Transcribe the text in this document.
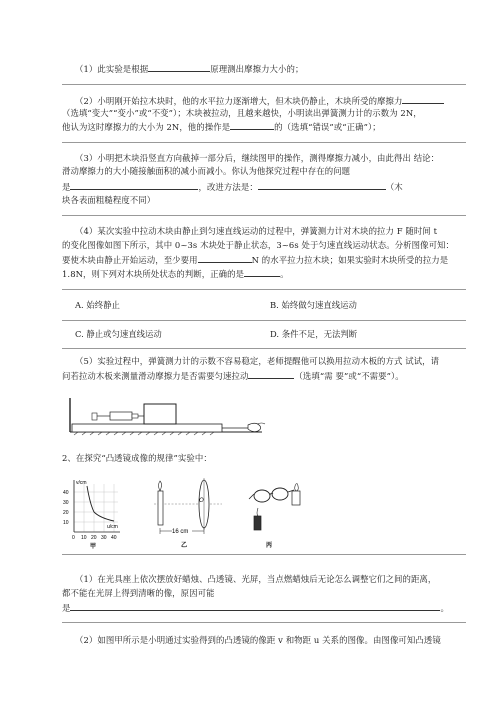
（1）此实验是根据	原理测出摩擦力大小的；
（2）小明刚开始拉木块时，他的水平拉力逐渐增大，但木块仍静止，木块所受的摩擦力
（选填“变大”“变小”或“不变”）；木块被拉动，且越来越快，小明读出弹簧测力计的示数为 2N，
他认为这时摩擦力的大小为 2N，他的操作是	的（选填“错误”或“正确”）；
（3）小明把木块沿竖直方向截掉一部分后，继续图甲的操作，测得摩擦力减小，由此得出 结论：
滑动摩擦力的大小随接触面积的减小而减小。你认为他探究过程中存在的问题
是	，改进方法是：	（木
块各表面粗糙程度不同）
（4）某次实验中拉动木块由静止到匀速直线运动的过程中，弹簧测力计对木块的拉力 F 随时间 t
的变化图像如图下所示，其中 0~3s 木块处于静止状态，3~6s 处于匀速直线运动状态。分析图像可知：
要使木块由静止开始运动，至少要用	N 的水平拉力拉木块；如果实验时木块所受的拉力是
1.8N，则下列对木块所处状态的判断，正确的是	。
A. 始终静止	B. 始终做匀速直线运动
C. 静止或匀速直线运动	D. 条件不足，无法判断
（5）实验过程中，弹簧测力计的示数不容易稳定，老师提醒他可以换用拉动木板的方式 试试，请
问若拉动木板来测量滑动摩擦力是否需要匀速拉动	（选填“需 要”或“不需要”）。
2、在探究“凸透镜成像的规律”实验中：
v/cm
u/cm
40
30
20
10
0 10 20 30 40
甲
O
16 cm
乙	丙
（1）在光具座上依次摆放好蜡烛、凸透镜、光屏，当点燃蜡烛后无论怎么调整它们之间的距离，
都不能在光屏上得到清晰的像，原因可能
是	。
（2）如图甲所示是小明通过实验得到的凸透镜的像距 v 和物距 u 关系的图像。由图像可知凸透镜
